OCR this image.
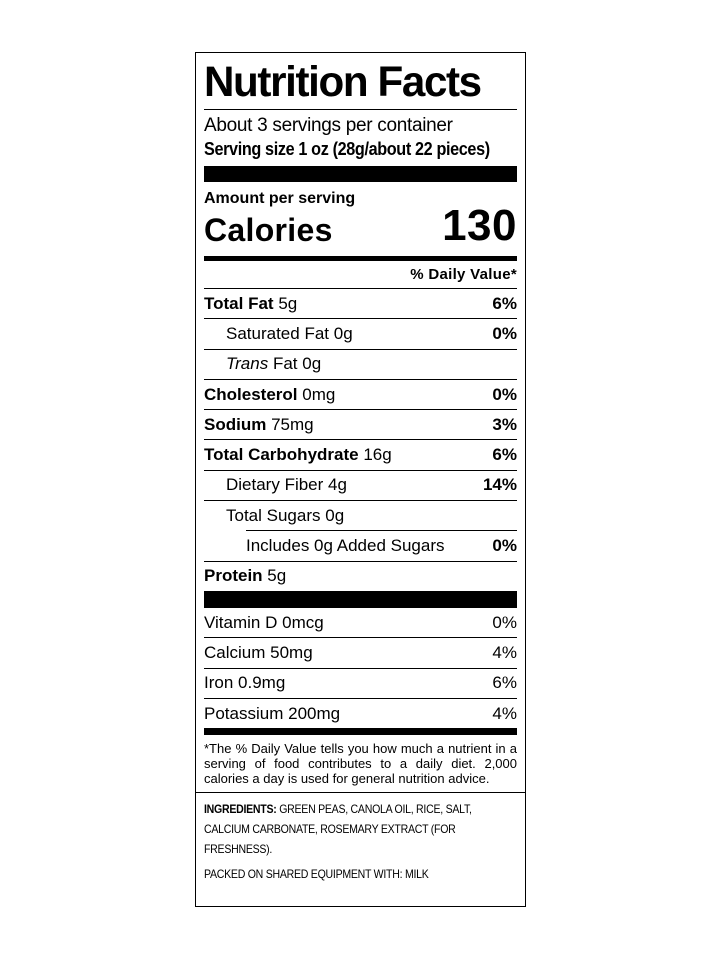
Nutrition Facts
About 3 servings per container
Serving size 1 oz (28g/about 22 pieces)
Amount per serving
Calories 130
% Daily Value*
Total Fat 5g	6%
Saturated Fat 0g	0%
Trans Fat 0g
Cholesterol 0mg	0%
Sodium 75mg	3%
Total Carbohydrate 16g	6%
Dietary Fiber 4g	14%
Total Sugars 0g
Includes 0g Added Sugars	0%
Protein 5g
Vitamin D 0mcg	0%
Calcium 50mg	4%
Iron 0.9mg	6%
Potassium 200mg	4%
*The % Daily Value tells you how much a nutrient in a serving of food contributes to a daily diet. 2,000 calories a day is used for general nutrition advice.
INGREDIENTS: GREEN PEAS, CANOLA OIL, RICE, SALT, CALCIUM CARBONATE, ROSEMARY EXTRACT (FOR FRESHNESS).
PACKED ON SHARED EQUIPMENT WITH: MILK
